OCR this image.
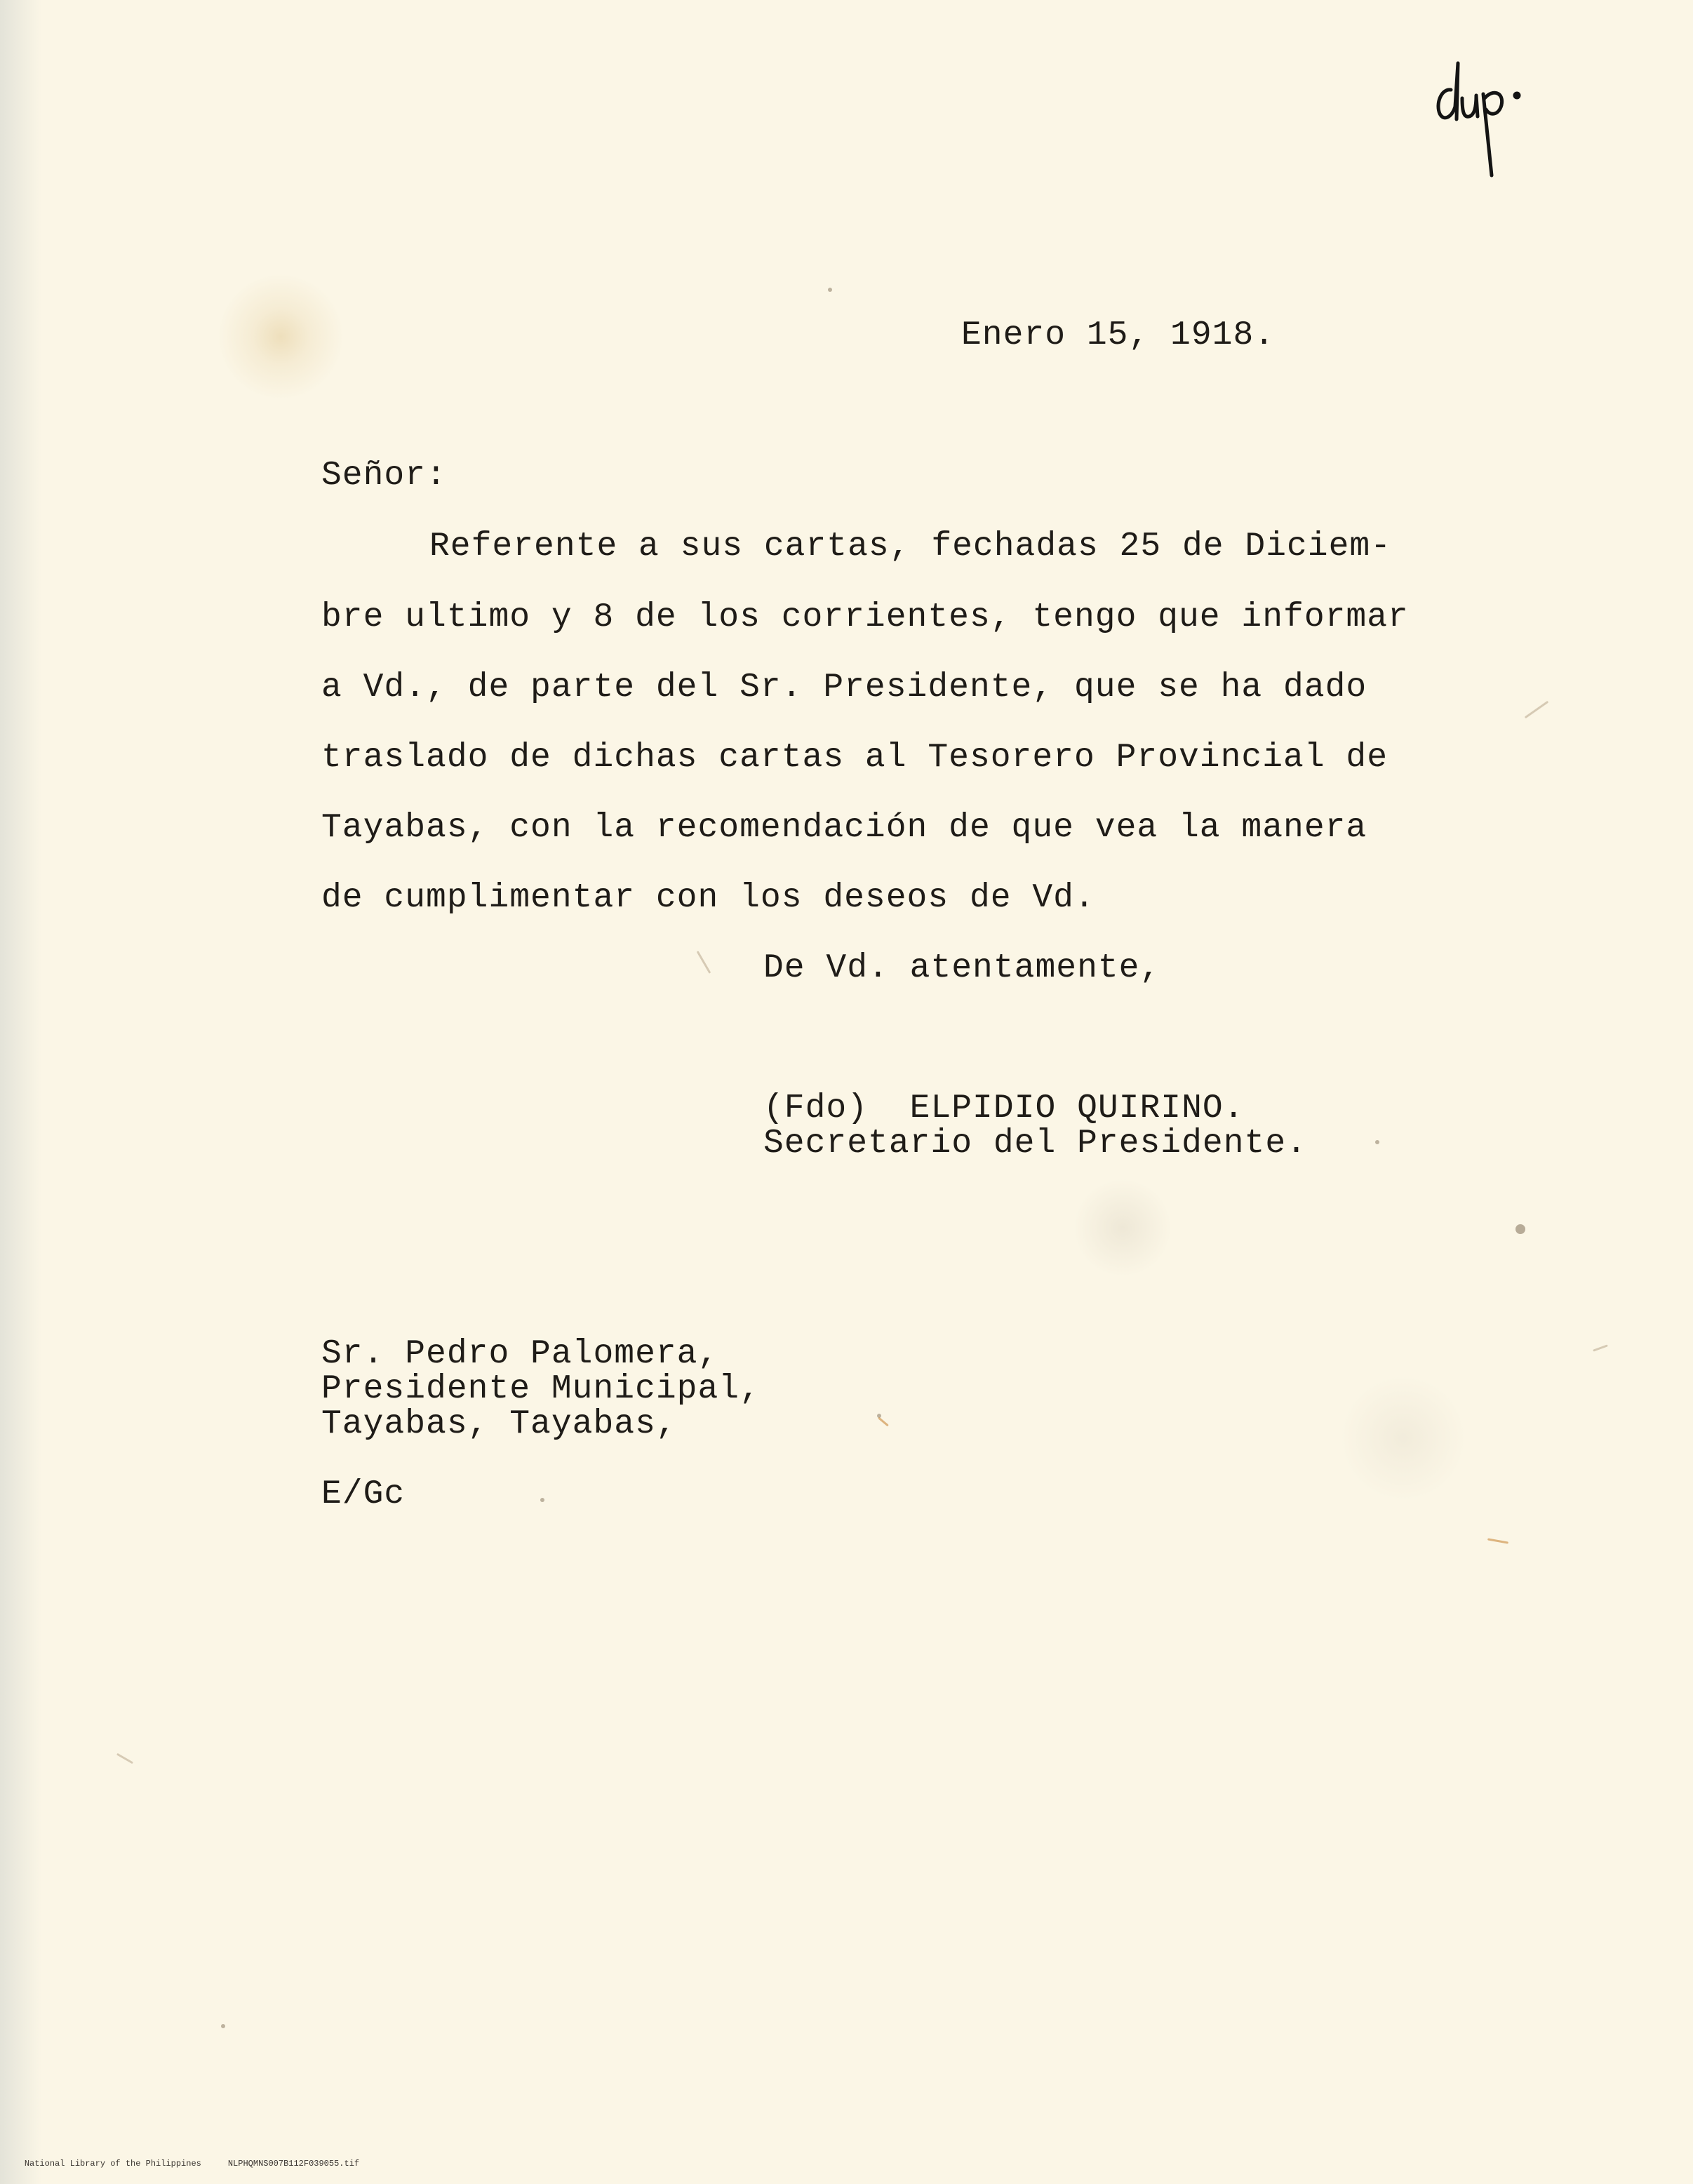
Enero 15, 1918.

Señor:

Referente a sus cartas, fechadas 25 de Diciem-

bre ultimo y 8 de los corrientes, tengo que informar

a Vd., de parte del Sr. Presidente, que se ha dado

traslado de dichas cartas al Tesorero Provincial de

Tayabas, con la recomendación de que vea la manera

de cumplimentar con los deseos de Vd.

De Vd. atentamente,

(Fdo)  ELPIDIO QUIRINO.

Secretario del Presidente.

Sr. Pedro Palomera,

Presidente Municipal,

Tayabas, Tayabas,

E/Gc

National Library of the Philippines	NLPHQMNS007B112F039055.tif
